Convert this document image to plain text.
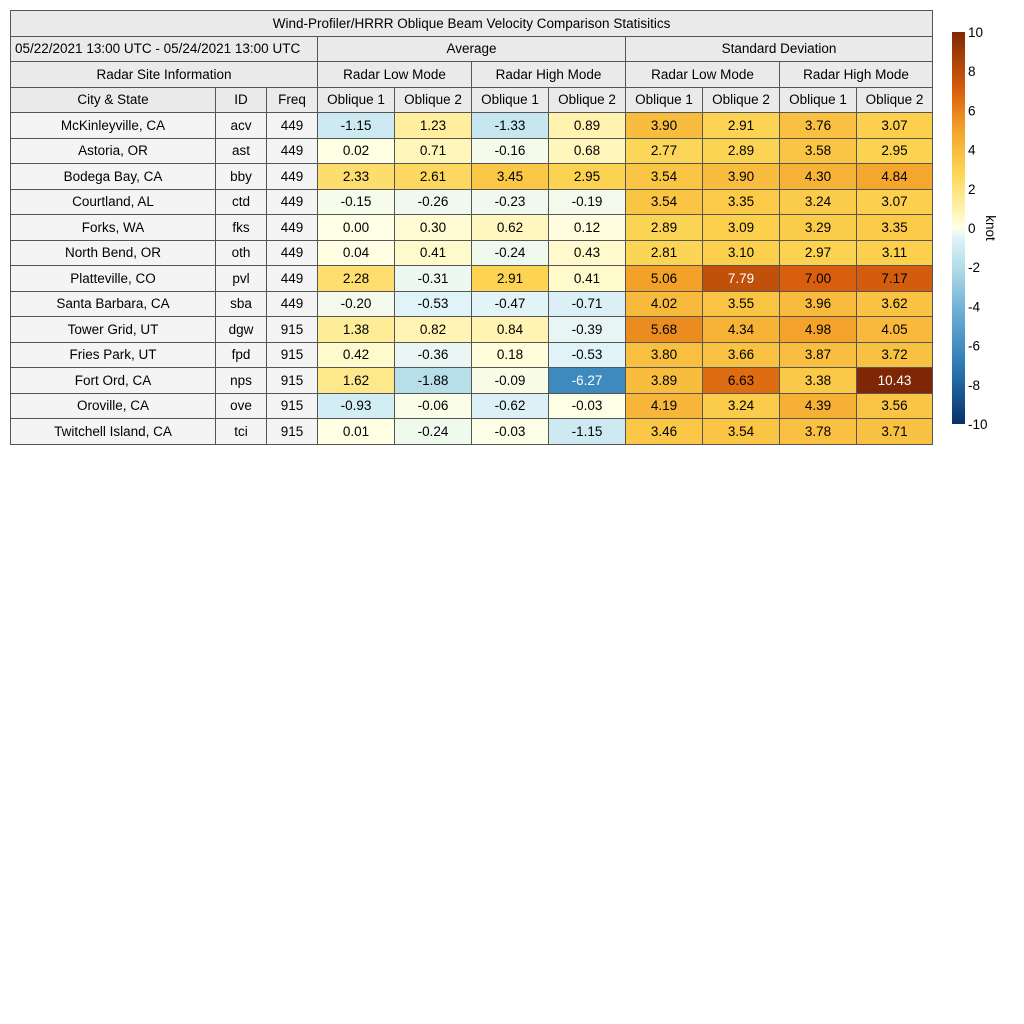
Wind-Profiler/HRRR Oblique Beam Velocity Comparison Statisitics										
05/22/2021 13:00 UTC - 05/24/2021 13:00 UTC			Average				Standard Deviation			
Radar Site Information			Radar Low Mode		Radar High Mode		Radar Low Mode		Radar High Mode	
City & State	ID	Freq	Oblique 1	Oblique 2	Oblique 1	Oblique 2	Oblique 1	Oblique 2	Oblique 1	Oblique 2
McKinleyville, CA	acv	449	-1.15	1.23	-1.33	0.89	3.90	2.91	3.76	3.07
Astoria, OR	ast	449	0.02	0.71	-0.16	0.68	2.77	2.89	3.58	2.95
Bodega Bay, CA	bby	449	2.33	2.61	3.45	2.95	3.54	3.90	4.30	4.84
Courtland, AL	ctd	449	-0.15	-0.26	-0.23	-0.19	3.54	3.35	3.24	3.07
Forks, WA	fks	449	0.00	0.30	0.62	0.12	2.89	3.09	3.29	3.35
North Bend, OR	oth	449	0.04	0.41	-0.24	0.43	2.81	3.10	2.97	3.11
Platteville, CO	pvl	449	2.28	-0.31	2.91	0.41	5.06	7.79	7.00	7.17
Santa Barbara, CA	sba	449	-0.20	-0.53	-0.47	-0.71	4.02	3.55	3.96	3.62
Tower Grid, UT	dgw	915	1.38	0.82	0.84	-0.39	5.68	4.34	4.98	4.05
Fries Park, UT	fpd	915	0.42	-0.36	0.18	-0.53	3.80	3.66	3.87	3.72
Fort Ord, CA	nps	915	1.62	-1.88	-0.09	-6.27	3.89	6.63	3.38	10.43
Oroville, CA	ove	915	-0.93	-0.06	-0.62	-0.03	4.19	3.24	4.39	3.56
Twitchell Island, CA	tci	915	0.01	-0.24	-0.03	-1.15	3.46	3.54	3.78	3.71
10
8
6
4
2
0
-2
-4
-6
-8
-10
knot
